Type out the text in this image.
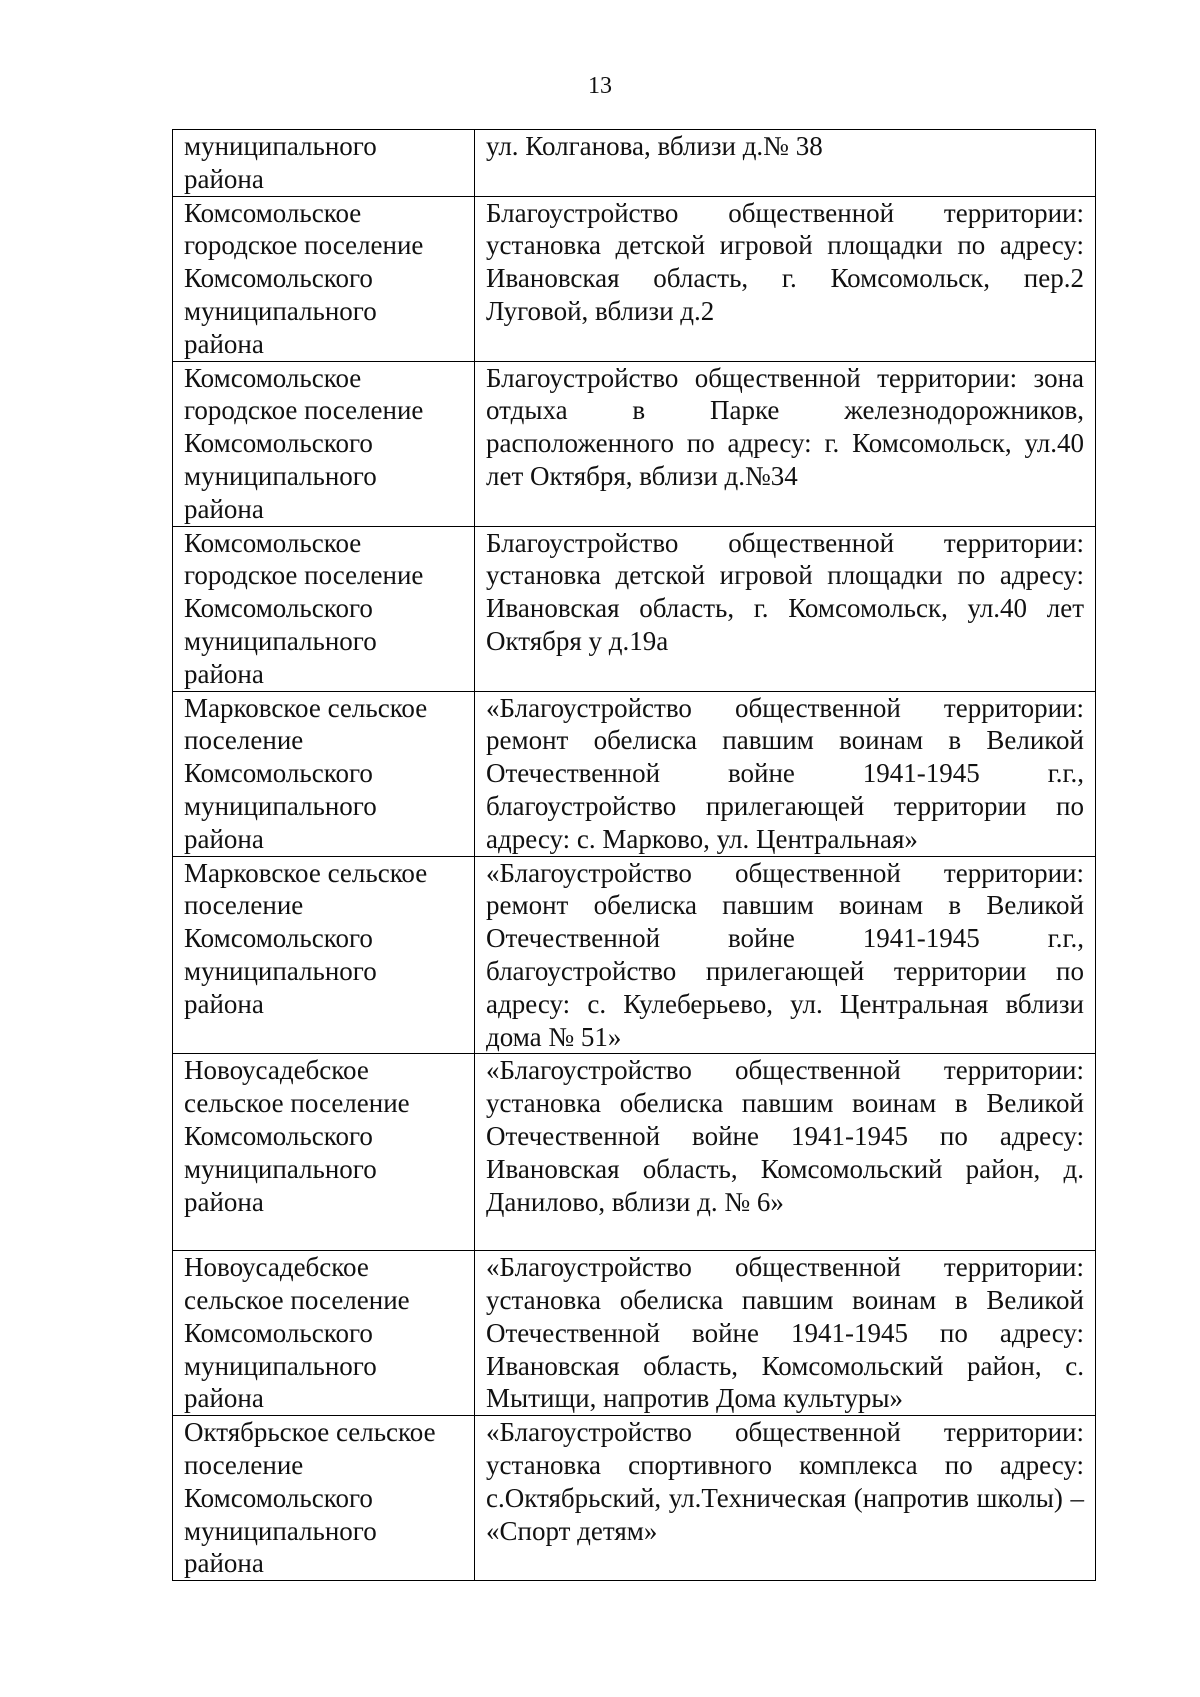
13
муниципального района	ул. Колганова, вблизи д.№ 38

Комсомольское городское поселение Комсомольского муниципального района	Благоустройство общественной территории: установка детской игровой площадки по адресу: Ивановская область, г. Комсомольск, пер.2 Луговой, вблизи д.2

Комсомольское городское поселение Комсомольского муниципального района	Благоустройство общественной территории: зона отдыха в Парке железнодорожников, расположенного по адресу: г. Комсомольск, ул.40 лет Октября, вблизи д.№34

Комсомольское городское поселение Комсомольского муниципального района	Благоустройство общественной территории: установка детской игровой площадки по адресу: Ивановская область, г. Комсомольск, ул.40 лет Октября у д.19а

Марковское сельское поселение Комсомольского муниципального района	«Благоустройство общественной территории: ремонт обелиска павшим воинам в Великой Отечественной войне 1941-1945 г.г., благоустройство прилегающей территории по адресу: с. Марково, ул. Центральная»

Марковское сельское поселение Комсомольского муниципального района	«Благоустройство общественной территории: ремонт обелиска павшим воинам в Великой Отечественной войне 1941-1945 г.г., благоустройство прилегающей территории по адресу: с. Кулеберьево, ул. Центральная вблизи дома № 51»

Новоусадебское сельское поселение Комсомольского муниципального района	«Благоустройство общественной территории: установка обелиска павшим воинам в Великой Отечественной войне 1941-1945 по адресу: Ивановская область, Комсомольский район, д. Данилово, вблизи д. № 6»

Новоусадебское сельское поселение Комсомольского муниципального района	«Благоустройство общественной территории: установка обелиска павшим воинам в Великой Отечественной войне 1941-1945 по адресу: Ивановская область, Комсомольский район, с. Мытищи, напротив Дома культуры»

Октябрьское сельское поселение Комсомольского муниципального района	«Благоустройство общественной территории: установка спортивного комплекса по адресу: с.Октябрьский, ул.Техническая (напротив школы) – «Спорт детям»
